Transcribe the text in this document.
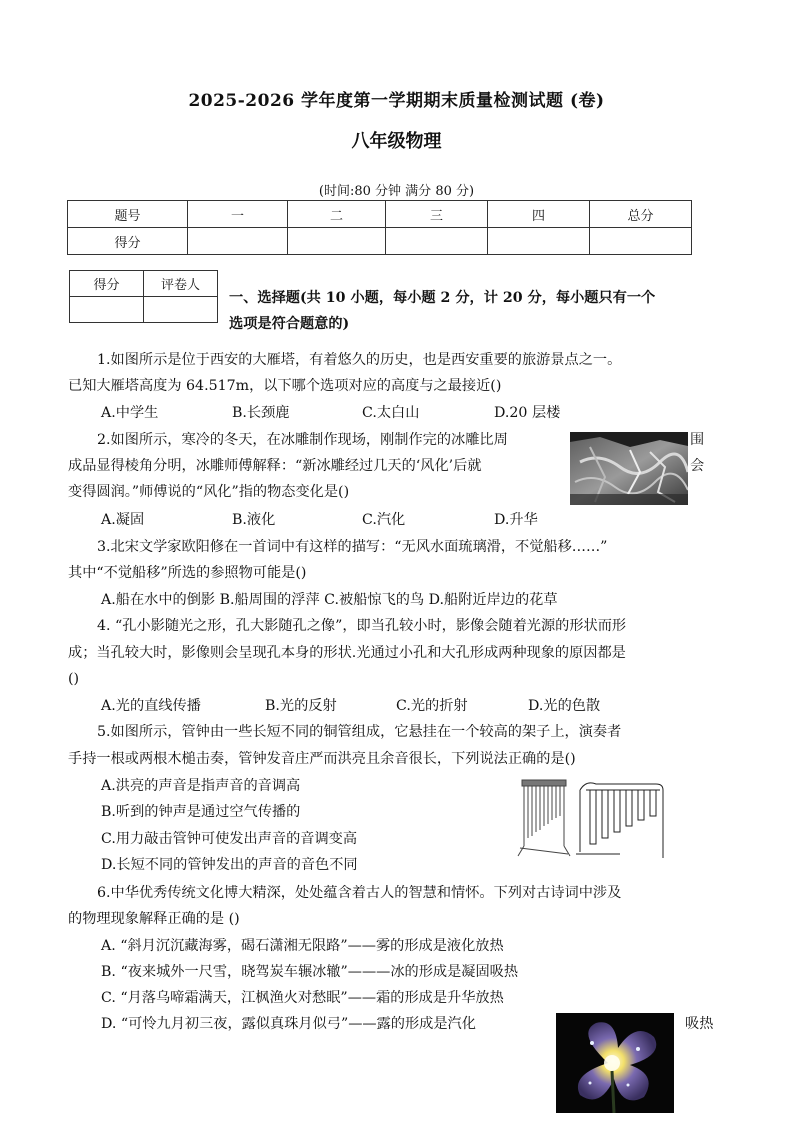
2025-2026 学年度第一学期期末质量检测试题 (卷)
八年级物理
(时间:80 分钟 满分 80 分)
题号	一	二	三	四	总分
得分					
得分	评卷人

一、选择题(共 10 小题，每小题 2 分，计 20 分，每小题只有一个
选项是符合题意的)
1.如图所示是位于西安的大雁塔，有着悠久的历史，也是西安重要的旅游景点之一。
已知大雁塔高度为 64.517m，以下哪个选项对应的高度与之最接近()
A.中学生	B.长颈鹿	C.太白山	D.20 层楼
2.如图所示，寒冷的冬天，在冰雕制作现场，刚制作完的冰雕比周	围
成品显得棱角分明，冰雕师傅解释：“新冰雕经过几天的‘风化’后就	会
变得圆润。”师傅说的“风化”指的物态变化是()
A.凝固	B.液化	C.汽化	D.升华
3.北宋文学家欧阳修在一首词中有这样的描写：“无风水面琉璃滑，不觉船移……”
其中“不觉船移”所选的参照物可能是()
A.船在水中的倒影 B.船周围的浮萍 C.被船惊飞的鸟 D.船附近岸边的花草
4. “孔小影随光之形，孔大影随孔之像”，即当孔较小时，影像会随着光源的形状而形
成；当孔较大时，影像则会呈现孔本身的形状.光通过小孔和大孔形成两种现象的原因都是
()
A.光的直线传播	B.光的反射	C.光的折射	D.光的色散
5.如图所示，管钟由一些长短不同的铜管组成，它悬挂在一个较高的架子上，演奏者
手持一根或两根木槌击奏，管钟发音庄严而洪亮且余音很长，下列说法正确的是()
A.洪亮的声音是指声音的音调高
B.听到的钟声是通过空气传播的
C.用力敲击管钟可使发出声音的音调变高
D.长短不同的管钟发出的声音的音色不同
6.中华优秀传统文化博大精深，处处蕴含着古人的智慧和情怀。下列对古诗词中涉及
的物理现象解释正确的是 ()
A. “斜月沉沉藏海雾，碣石潇湘无限路”——雾的形成是液化放热
B. “夜来城外一尺雪，晓驾炭车辗冰辙”———冰的形成是凝固吸热
C. “月落乌啼霜满天，江枫渔火对愁眠”——霜的形成是升华放热
D. “可怜九月初三夜，露似真珠月似弓”——露的形成是汽化	吸热
